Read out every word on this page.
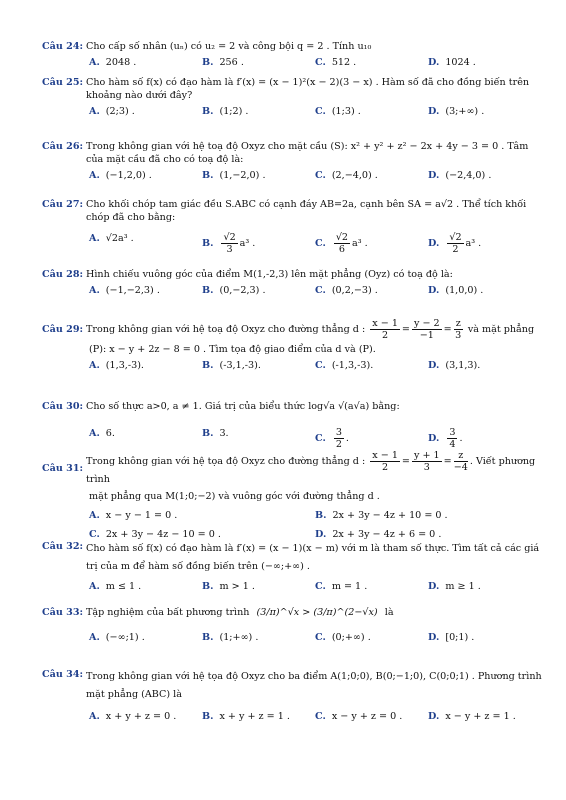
Câu 24: Cho cấp số nhân (uₙ) có u₂ = 2 và công bội q = 2 . Tính u₁₀
A. 2048 .	B. 256 .	C. 512 .	D. 1024 .
Câu 25: Cho hàm số f(x) có đạo hàm là f′(x) = (x − 1)²(x − 2)(3 − x) . Hàm số đã cho đồng biến trên khoảng nào dưới đây?
A. (2;3) .	B. (1;2) .	C. (1;3) .	D. (3;+∞) .
Câu 26: Trong không gian với hệ toạ độ Oxyz cho mặt cầu (S): x² + y² + z² − 2x + 4y − 3 = 0 . Tâm của mặt cầu đã cho có toạ độ là:
A. (−1,2,0) .	B. (1,−2,0) .	C. (2,−4,0) .	D. (−2,4,0) .
Câu 27: Cho khối chóp tam giác đều S.ABC có cạnh đáy AB=2a, cạnh bên SA = a√2 . Thể tích khối chóp đã cho bằng:
A. √2a³ .	B. $\frac{√2}{3} a^3$ .	C. $\frac{√2}{6} a^3$ .	D. $\frac{√2}{2} a^3$ .
Câu 28: Hình chiếu vuông góc của điểm M(1,-2,3) lên mặt phẳng (Oyz) có toạ độ là:
A. (−1,−2,3) .	B. (0,−2,3) .	C. (0,2,−3) .	D. (1,0,0) .
Câu 29: Trong không gian với hệ toạ độ Oxyz cho đường thẳng d : $\frac{x - 1}{2} = \frac{y - 2}{-1} = \frac{z}{3}$ và mặt phẳng
(P): x − y + 2z − 8 = 0 . Tìm tọa độ giao điểm của d và (P).
A. (1,3,-3).	B. (-3,1,-3).	C. (-1,3,-3).	D. (3,1,3).
Câu 30: Cho số thực a>0, a ≠ 1. Giá trị của biểu thức log√a √(a√a) bằng:
A. 6.	B. 3.	C. $\frac{3}{2}$ .	D. $\frac{3}{4}$ .
Câu 31:
Trong không gian với hệ tọa độ Oxyz cho đường thẳng d : $\frac{x - 1}{2} = \frac{y + 1}{3} = \frac{z}{-4}$ . Viết phương trình
mặt phẳng qua M(1;0;−2) và vuông góc với đường thẳng d .
A. x − y − 1 = 0 .	B. 2x + 3y − 4z + 10 = 0 .
C. 2x + 3y − 4z − 10 = 0 .	D. 2x + 3y − 4z + 6 = 0 .
Câu 32: Cho hàm số f(x) có đạo hàm là f′(x) = (x − 1)(x − m) với m là tham số thực. Tìm tất cả các giá trị của m để hàm số đồng biến trên (−∞;+∞) .
A. m ≤ 1 .	B. m > 1 .	C. m = 1 .	D. m ≥ 1 .
Câu 33: Tập nghiệm của bất phương trình (3/π)^√x > (3/π)^(2−√x) là
A. (−∞;1) .	B. (1;+∞) .	C. (0;+∞) .	D. [0;1) .
Câu 34: Trong không gian với hệ tọa độ Oxyz cho ba điểm A(1;0;0), B(0;−1;0), C(0;0;1) . Phương trình mặt phẳng (ABC) là
A. x + y + z = 0 .	B. x + y + z = 1 .	C. x − y + z = 0 .	D. x − y + z = 1 .
